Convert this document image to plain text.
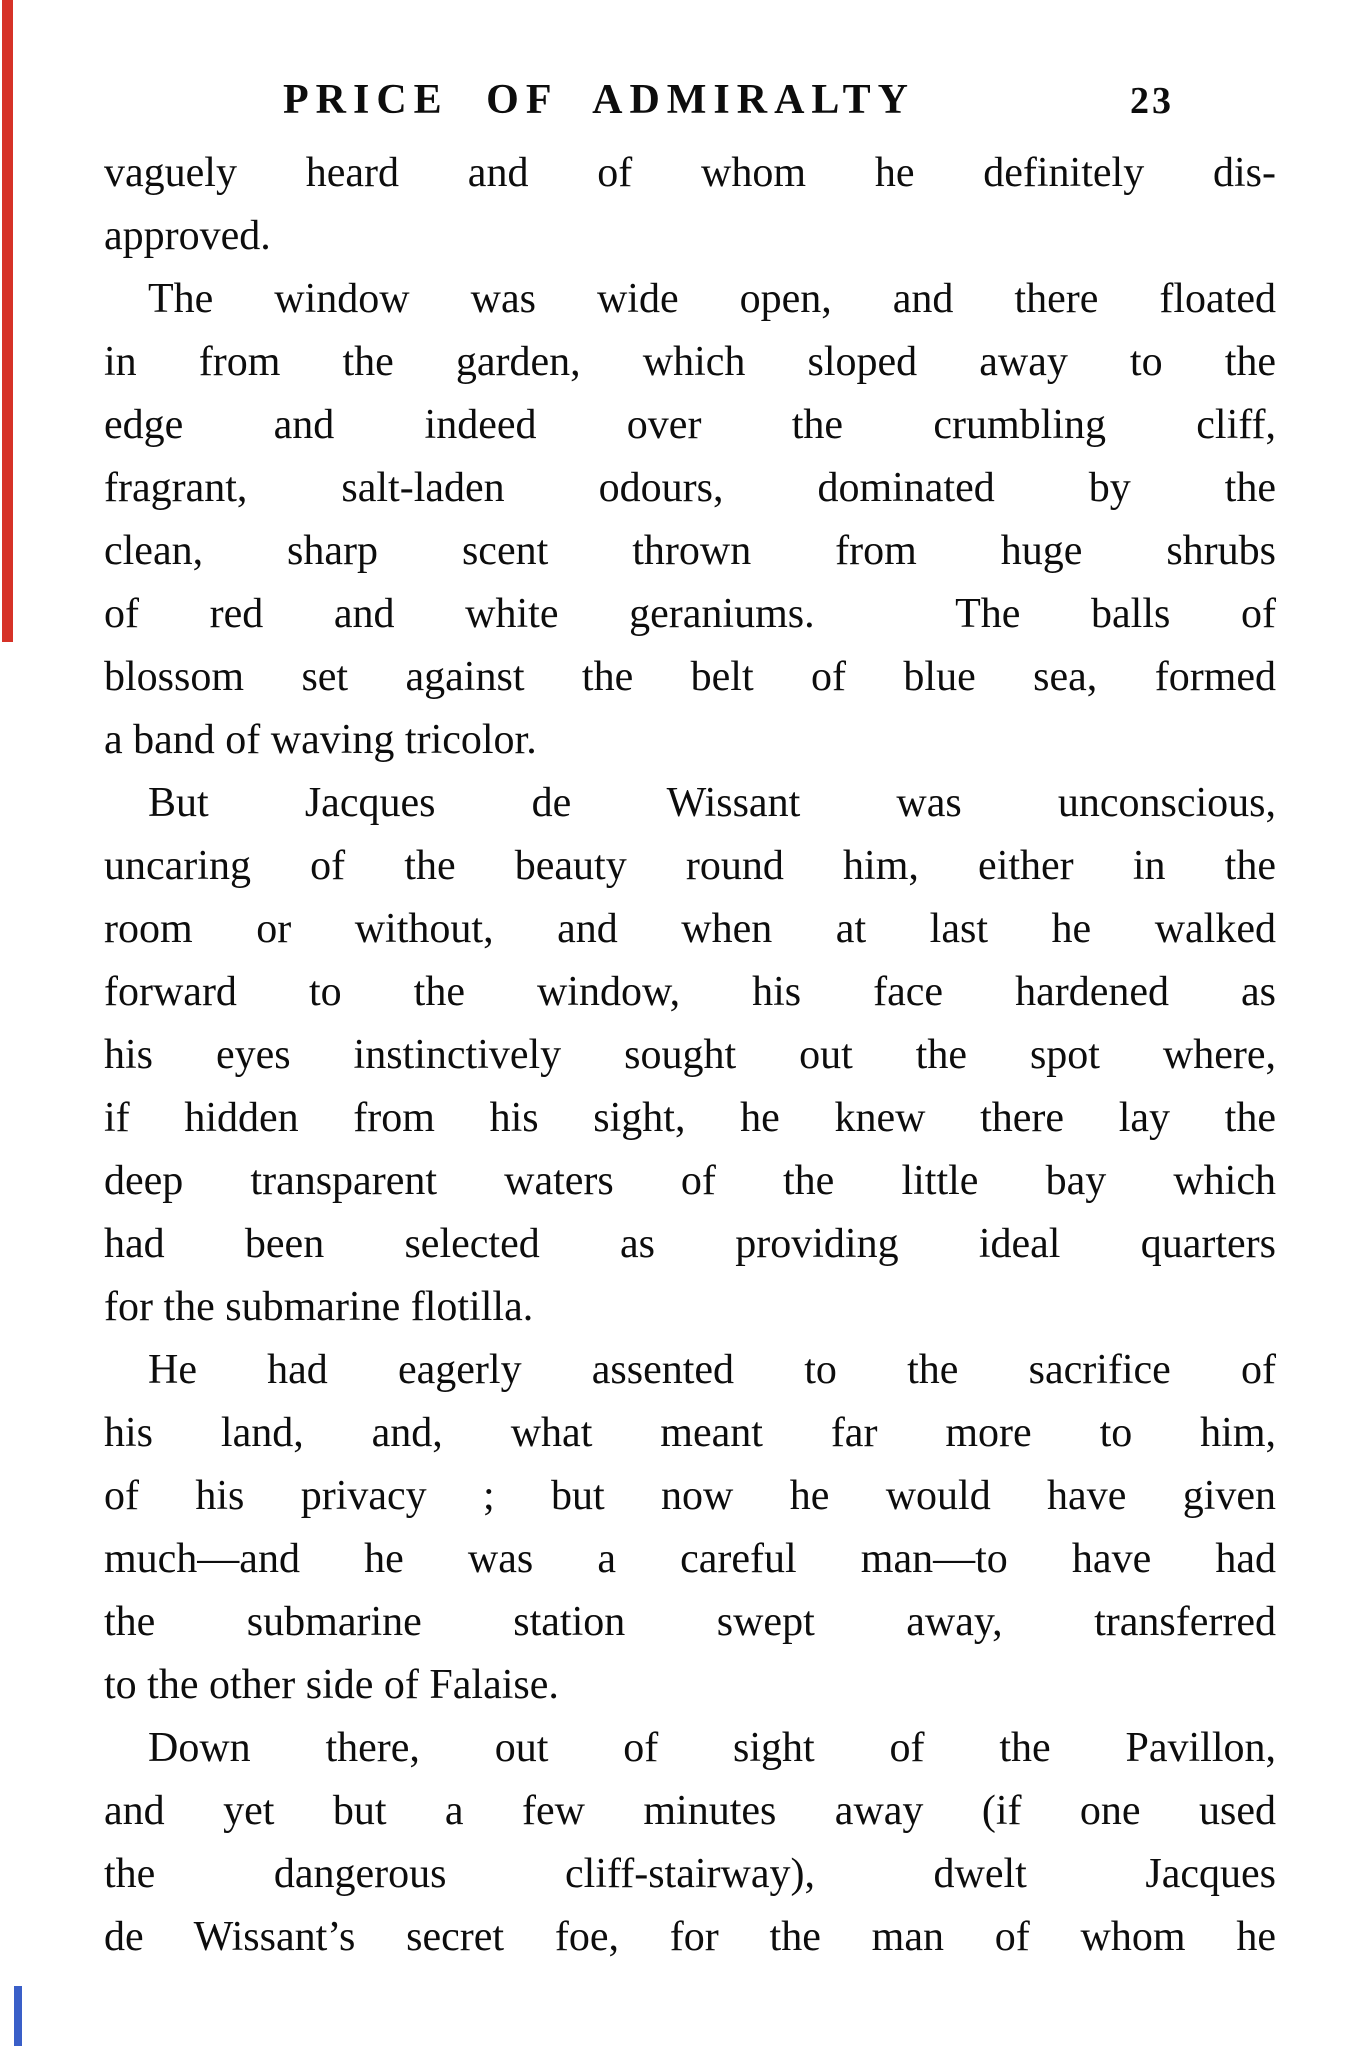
PRICE OF ADMIRALTY	23
vaguely heard and of whom he definitely dis-
approved.
The window was wide open, and there floated
in from the garden, which sloped away to the
edge and indeed over the crumbling cliff,
fragrant, salt-laden odours, dominated by the
clean, sharp scent thrown from huge shrubs
of red and white geraniums.  The balls of
blossom set against the belt of blue sea, formed
a band of waving tricolor.
But Jacques de Wissant was unconscious,
uncaring of the beauty round him, either in the
room or without, and when at last he walked
forward to the window, his face hardened as
his eyes instinctively sought out the spot where,
if hidden from his sight, he knew there lay the
deep transparent waters of the little bay which
had been selected as providing ideal quarters
for the submarine flotilla.
He had eagerly assented to the sacrifice of
his land, and, what meant far more to him,
of his privacy ; but now he would have given
much—and he was a careful man—to have had
the submarine station swept away, transferred
to the other side of Falaise.
Down there, out of sight of the Pavillon,
and yet but a few minutes away (if one used
the dangerous cliff-stairway), dwelt Jacques
de Wissant’s secret foe, for the man of whom he
